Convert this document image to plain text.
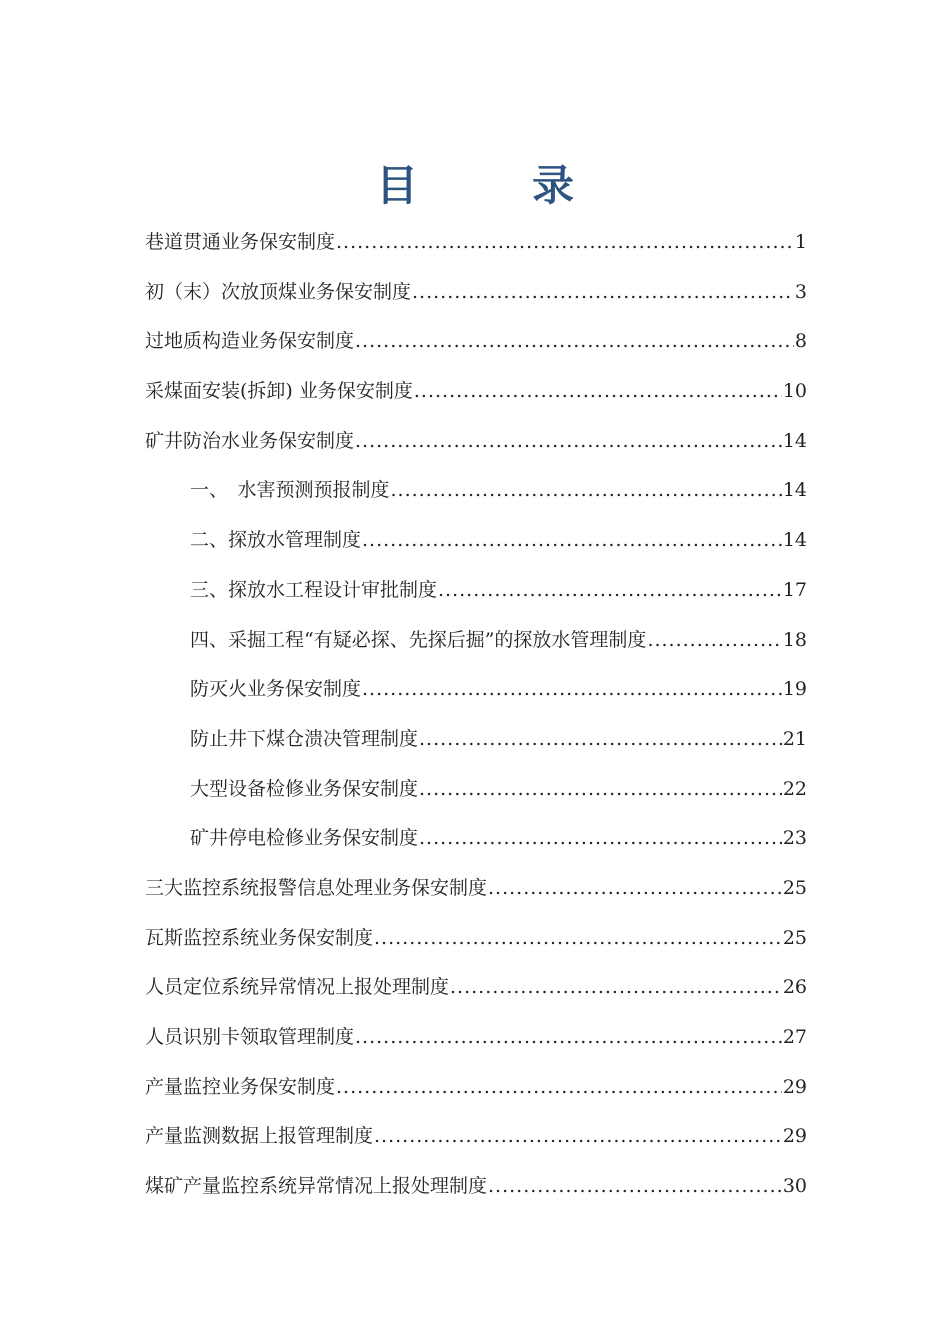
目　录
巷道贯通业务保安制度 .....	1
初（末）次放顶煤业务保安制度 .....	3
过地质构造业务保安制度 .....	8
采煤面安装(拆卸) 业务保安制度 .....	10
矿井防治水业务保安制度 .....	14
一、　水害预测预报制度 .....	14
二、探放水管理制度 .....	14
三、探放水工程设计审批制度 .....	17
四、采掘工程“有疑必探、先探后掘”的探放水管理制度 .....	18
防灭火业务保安制度 .....	19
防止井下煤仓溃决管理制度 .....	21
大型设备检修业务保安制度 .....	22
矿井停电检修业务保安制度 .....	23
三大监控系统报警信息处理业务保安制度 .....	25
瓦斯监控系统业务保安制度 .....	25
人员定位系统异常情况上报处理制度 .....	26
人员识别卡领取管理制度 .....	27
产量监控业务保安制度 .....	29
产量监测数据上报管理制度 .....	29
煤矿产量监控系统异常情况上报处理制度 .....	30
